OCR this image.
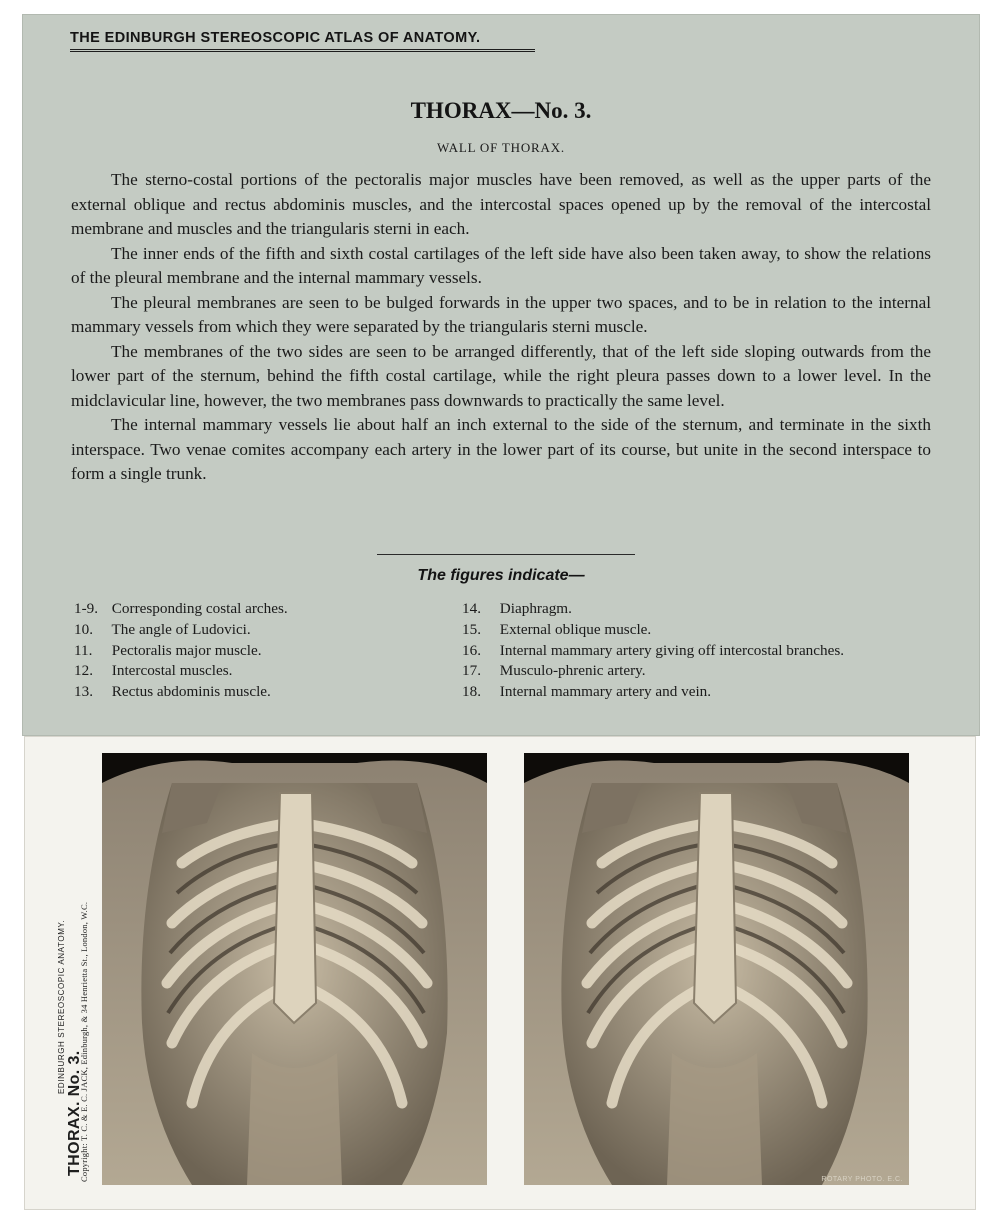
THE EDINBURGH STEREOSCOPIC ATLAS OF ANATOMY.
THORAX—No. 3.
WALL OF THORAX.

The sterno-costal portions of the pectoralis major muscles have been removed, as well as the upper parts of the external oblique and rectus abdominis muscles, and the intercostal spaces opened up by the removal of the intercostal membrane and muscles and the triangularis sterni in each.

The inner ends of the fifth and sixth costal cartilages of the left side have also been taken away, to show the relations of the pleural membrane and the internal mammary vessels.

The pleural membranes are seen to be bulged forwards in the upper two spaces, and to be in relation to the internal mammary vessels from which they were separated by the triangularis sterni muscle.

The membranes of the two sides are seen to be arranged differently, that of the left side sloping outwards from the lower part of the sternum, behind the fifth costal cartilage, while the right pleura passes down to a lower level. In the midclavicular line, however, the two membranes pass downwards to practically the same level.

The internal mammary vessels lie about half an inch external to the side of the sternum, and terminate in the sixth interspace. Two venae comites accompany each artery in the lower part of its course, but unite in the second interspace to form a single trunk.

The figures indicate—
1-9. Corresponding costal arches.
10. The angle of Ludovici.
11. Pectoralis major muscle.
12. Intercostal muscles.
13. Rectus abdominis muscle.
14. Diaphragm.
15. External oblique muscle.
16. Internal mammary artery giving off intercostal branches.
17. Musculo-phrenic artery.
18. Internal mammary artery and vein.
THORAX. No. 3.
EDINBURGH STEREOSCOPIC ANATOMY. Copyright: T. C. & E. C. JACK, Edinburgh, & 34 Henrietta St., London, W.C.	ROTARY PHOTO. E.C.
